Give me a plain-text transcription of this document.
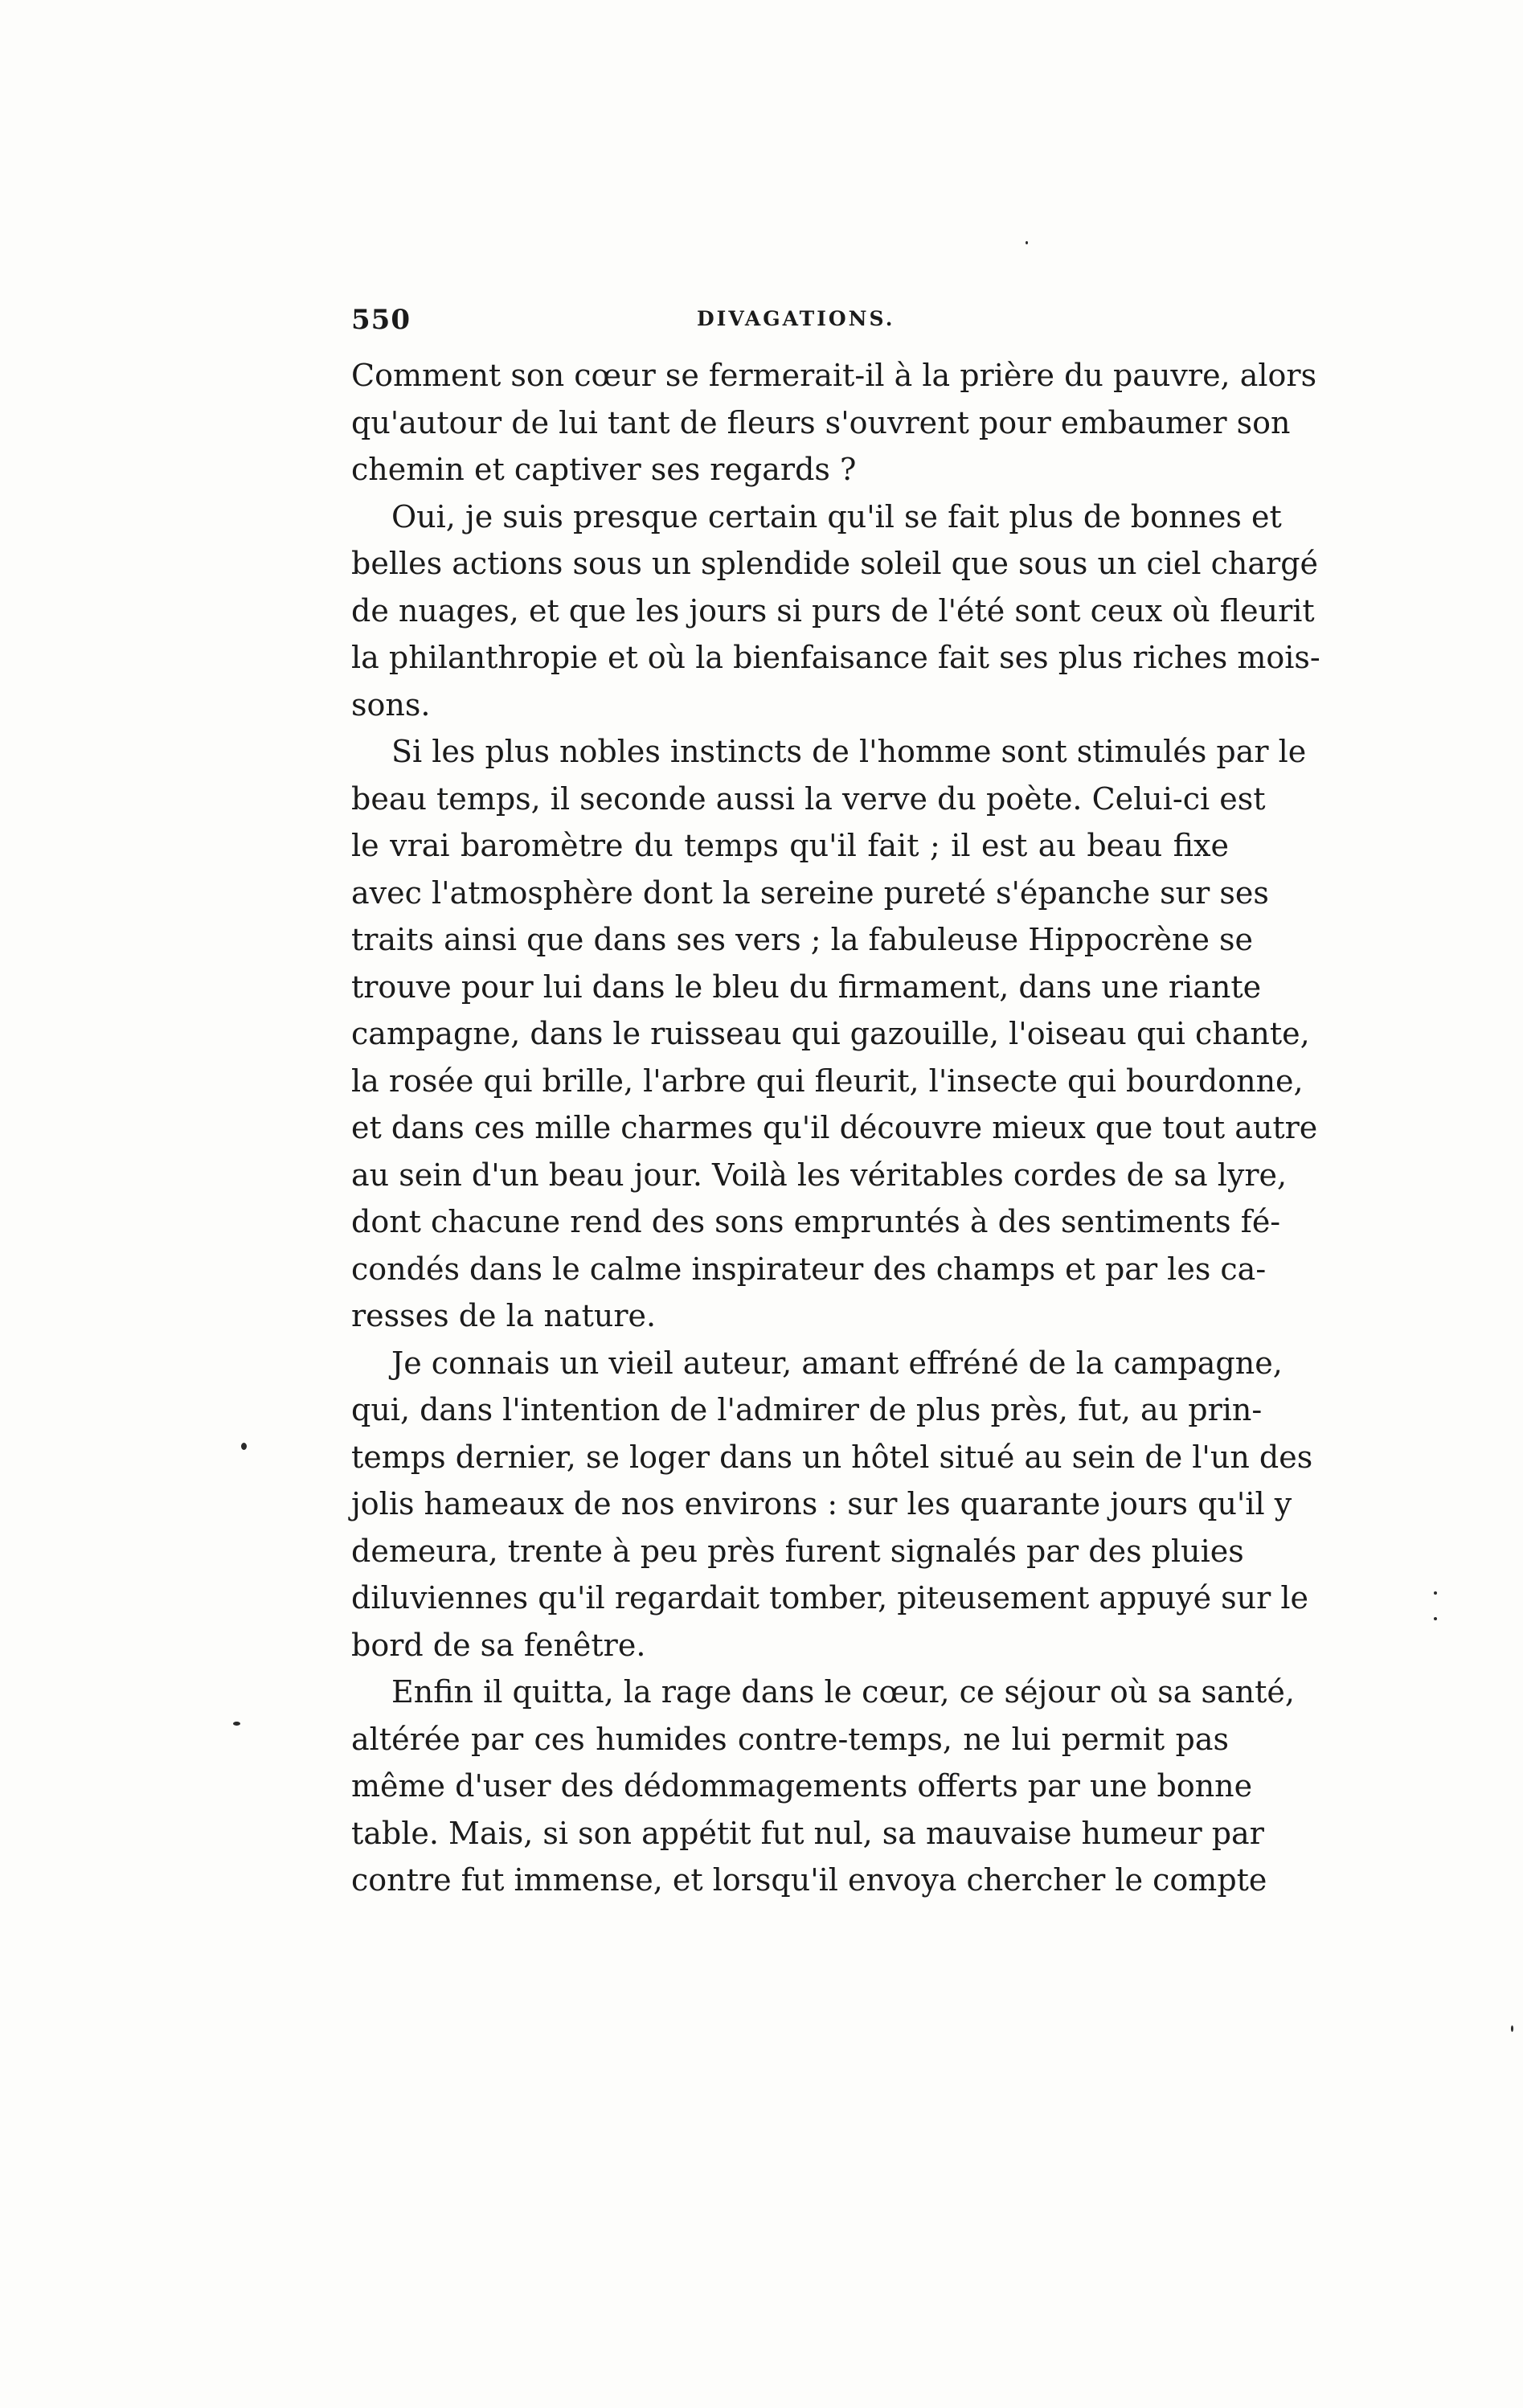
550	DIVAGATIONS.
Comment son cœur se fermerait-il à la prière du pauvre, alors
qu'autour de lui tant de fleurs s'ouvrent pour embaumer son
chemin et captiver ses regards ?
Oui, je suis presque certain qu'il se fait plus de bonnes et
belles actions sous un splendide soleil que sous un ciel chargé
de nuages, et que les jours si purs de l'été sont ceux où fleurit
la philanthropie et où la bienfaisance fait ses plus riches mois-
sons.
Si les plus nobles instincts de l'homme sont stimulés par le
beau temps, il seconde aussi la verve du poète. Celui-ci est
le vrai baromètre du temps qu'il fait ; il est au beau fixe
avec l'atmosphère dont la sereine pureté s'épanche sur ses
traits ainsi que dans ses vers ; la fabuleuse Hippocrène se
trouve pour lui dans le bleu du firmament, dans une riante
campagne, dans le ruisseau qui gazouille, l'oiseau qui chante,
la rosée qui brille, l'arbre qui fleurit, l'insecte qui bourdonne,
et dans ces mille charmes qu'il découvre mieux que tout autre
au sein d'un beau jour. Voilà les véritables cordes de sa lyre,
dont chacune rend des sons empruntés à des sentiments fé-
condés dans le calme inspirateur des champs et par les ca-
resses de la nature.
Je connais un vieil auteur, amant effréné de la campagne,
qui, dans l'intention de l'admirer de plus près, fut, au prin-
temps dernier, se loger dans un hôtel situé au sein de l'un des
jolis hameaux de nos environs : sur les quarante jours qu'il y
demeura, trente à peu près furent signalés par des pluies
diluviennes qu'il regardait tomber, piteusement appuyé sur le
bord de sa fenêtre.
Enfin il quitta, la rage dans le cœur, ce séjour où sa santé,
altérée par ces humides contre-temps, ne lui permit pas
même d'user des dédommagements offerts par une bonne
table. Mais, si son appétit fut nul, sa mauvaise humeur par
contre fut immense, et lorsqu'il envoya chercher le compte
